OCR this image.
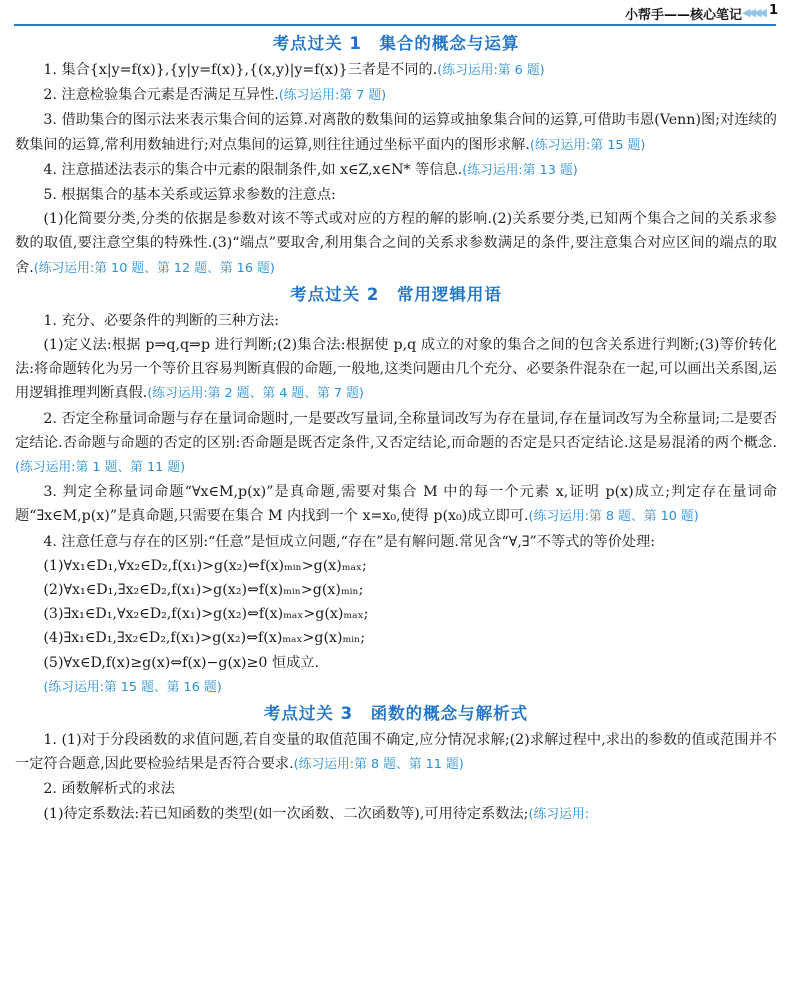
小帮手——核心笔记 ◀◀◀◀ 1
考点过关 1　集合的概念与运算

1. 集合{x|y=f(x)},{y|y=f(x)},{(x,y)|y=f(x)}三者是不同的.(练习运用:第 6 题)

2. 注意检验集合元素是否满足互异性.(练习运用:第 7 题)

3. 借助集合的图示法来表示集合间的运算.对离散的数集间的运算或抽象集合间的运算,可借助韦恩(Venn)图;对连续的数集间的运算,常利用数轴进行;对点集间的运算,则往往通过坐标平面内的图形求解.(练习运用:第 15 题)

4. 注意描述法表示的集合中元素的限制条件,如 x∈Z,x∈N* 等信息.(练习运用:第 13 题)

5. 根据集合的基本关系或运算求参数的注意点:

(1)化简要分类,分类的依据是参数对该不等式或对应的方程的解的影响.(2)关系要分类,已知两个集合之间的关系求参数的取值,要注意空集的特殊性.(3)“端点”要取舍,利用集合之间的关系求参数满足的条件,要注意集合对应区间的端点的取舍.(练习运用:第 10 题、第 12 题、第 16 题)

考点过关 2　常用逻辑用语

1. 充分、必要条件的判断的三种方法:

(1)定义法:根据 p⇒q,q⇒p 进行判断;(2)集合法:根据使 p,q 成立的对象的集合之间的包含关系进行判断;(3)等价转化法:将命题转化为另一个等价且容易判断真假的命题,一般地,这类问题由几个充分、必要条件混杂在一起,可以画出关系图,运用逻辑推理判断真假.(练习运用:第 2 题、第 4 题、第 7 题)

2. 否定全称量词命题与存在量词命题时,一是要改写量词,全称量词改写为存在量词,存在量词改写为全称量词;二是要否定结论.否命题与命题的否定的区别:否命题是既否定条件,又否定结论,而命题的否定是只否定结论.这是易混淆的两个概念.(练习运用:第 1 题、第 11 题)

3. 判定全称量词命题“∀x∈M,p(x)”是真命题,需要对集合 M 中的每一个元素 x,证明 p(x)成立;判定存在量词命题“∃x∈M,p(x)”是真命题,只需要在集合 M 内找到一个 x=x₀,使得 p(x₀)成立即可.(练习运用:第 8 题、第 10 题)

4. 注意任意与存在的区别:“任意”是恒成立问题,“存在”是有解问题.常见含“∀,∃”不等式的等价处理:

(1)∀x₁∈D₁,∀x₂∈D₂,f(x₁)>g(x₂)⇔f(x)ₘᵢₙ>g(x)ₘₐₓ;

(2)∀x₁∈D₁,∃x₂∈D₂,f(x₁)>g(x₂)⇔f(x)ₘᵢₙ>g(x)ₘᵢₙ;

(3)∃x₁∈D₁,∀x₂∈D₂,f(x₁)>g(x₂)⇔f(x)ₘₐₓ>g(x)ₘₐₓ;

(4)∃x₁∈D₁,∃x₂∈D₂,f(x₁)>g(x₂)⇔f(x)ₘₐₓ>g(x)ₘᵢₙ;

(5)∀x∈D,f(x)≥g(x)⇔f(x)−g(x)≥0 恒成立.

(练习运用:第 15 题、第 16 题)

考点过关 3　函数的概念与解析式

1. (1)对于分段函数的求值问题,若自变量的取值范围不确定,应分情况求解;(2)求解过程中,求出的参数的值或范围并不一定符合题意,因此要检验结果是否符合要求.(练习运用:第 8 题、第 11 题)

2. 函数解析式的求法

(1)待定系数法:若已知函数的类型(如一次函数、二次函数等),可用待定系数法;(练习运用:
